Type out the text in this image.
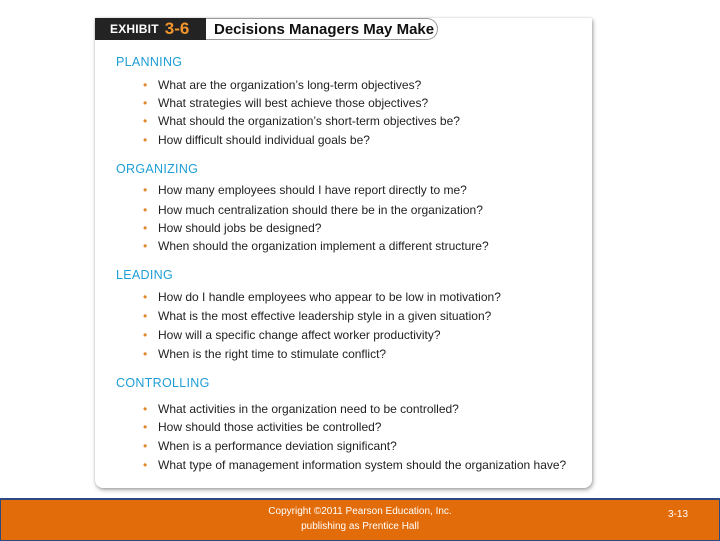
EXHIBIT 3-6	Decisions Managers May Make
PLANNING
• What are the organization’s long-term objectives?
• What strategies will best achieve those objectives?
• What should the organization’s short-term objectives be?
• How difficult should individual goals be?
ORGANIZING
• How many employees should I have report directly to me?
• How much centralization should there be in the organization?
• How should jobs be designed?
• When should the organization implement a different structure?
LEADING
• How do I handle employees who appear to be low in motivation?
• What is the most effective leadership style in a given situation?
• How will a specific change affect worker productivity?
• When is the right time to stimulate conflict?
CONTROLLING
• What activities in the organization need to be controlled?
• How should those activities be controlled?
• When is a performance deviation significant?
• What type of management information system should the organization have?
Copyright ©2011 Pearson Education, Inc.
publishing as Prentice Hall
3-13
